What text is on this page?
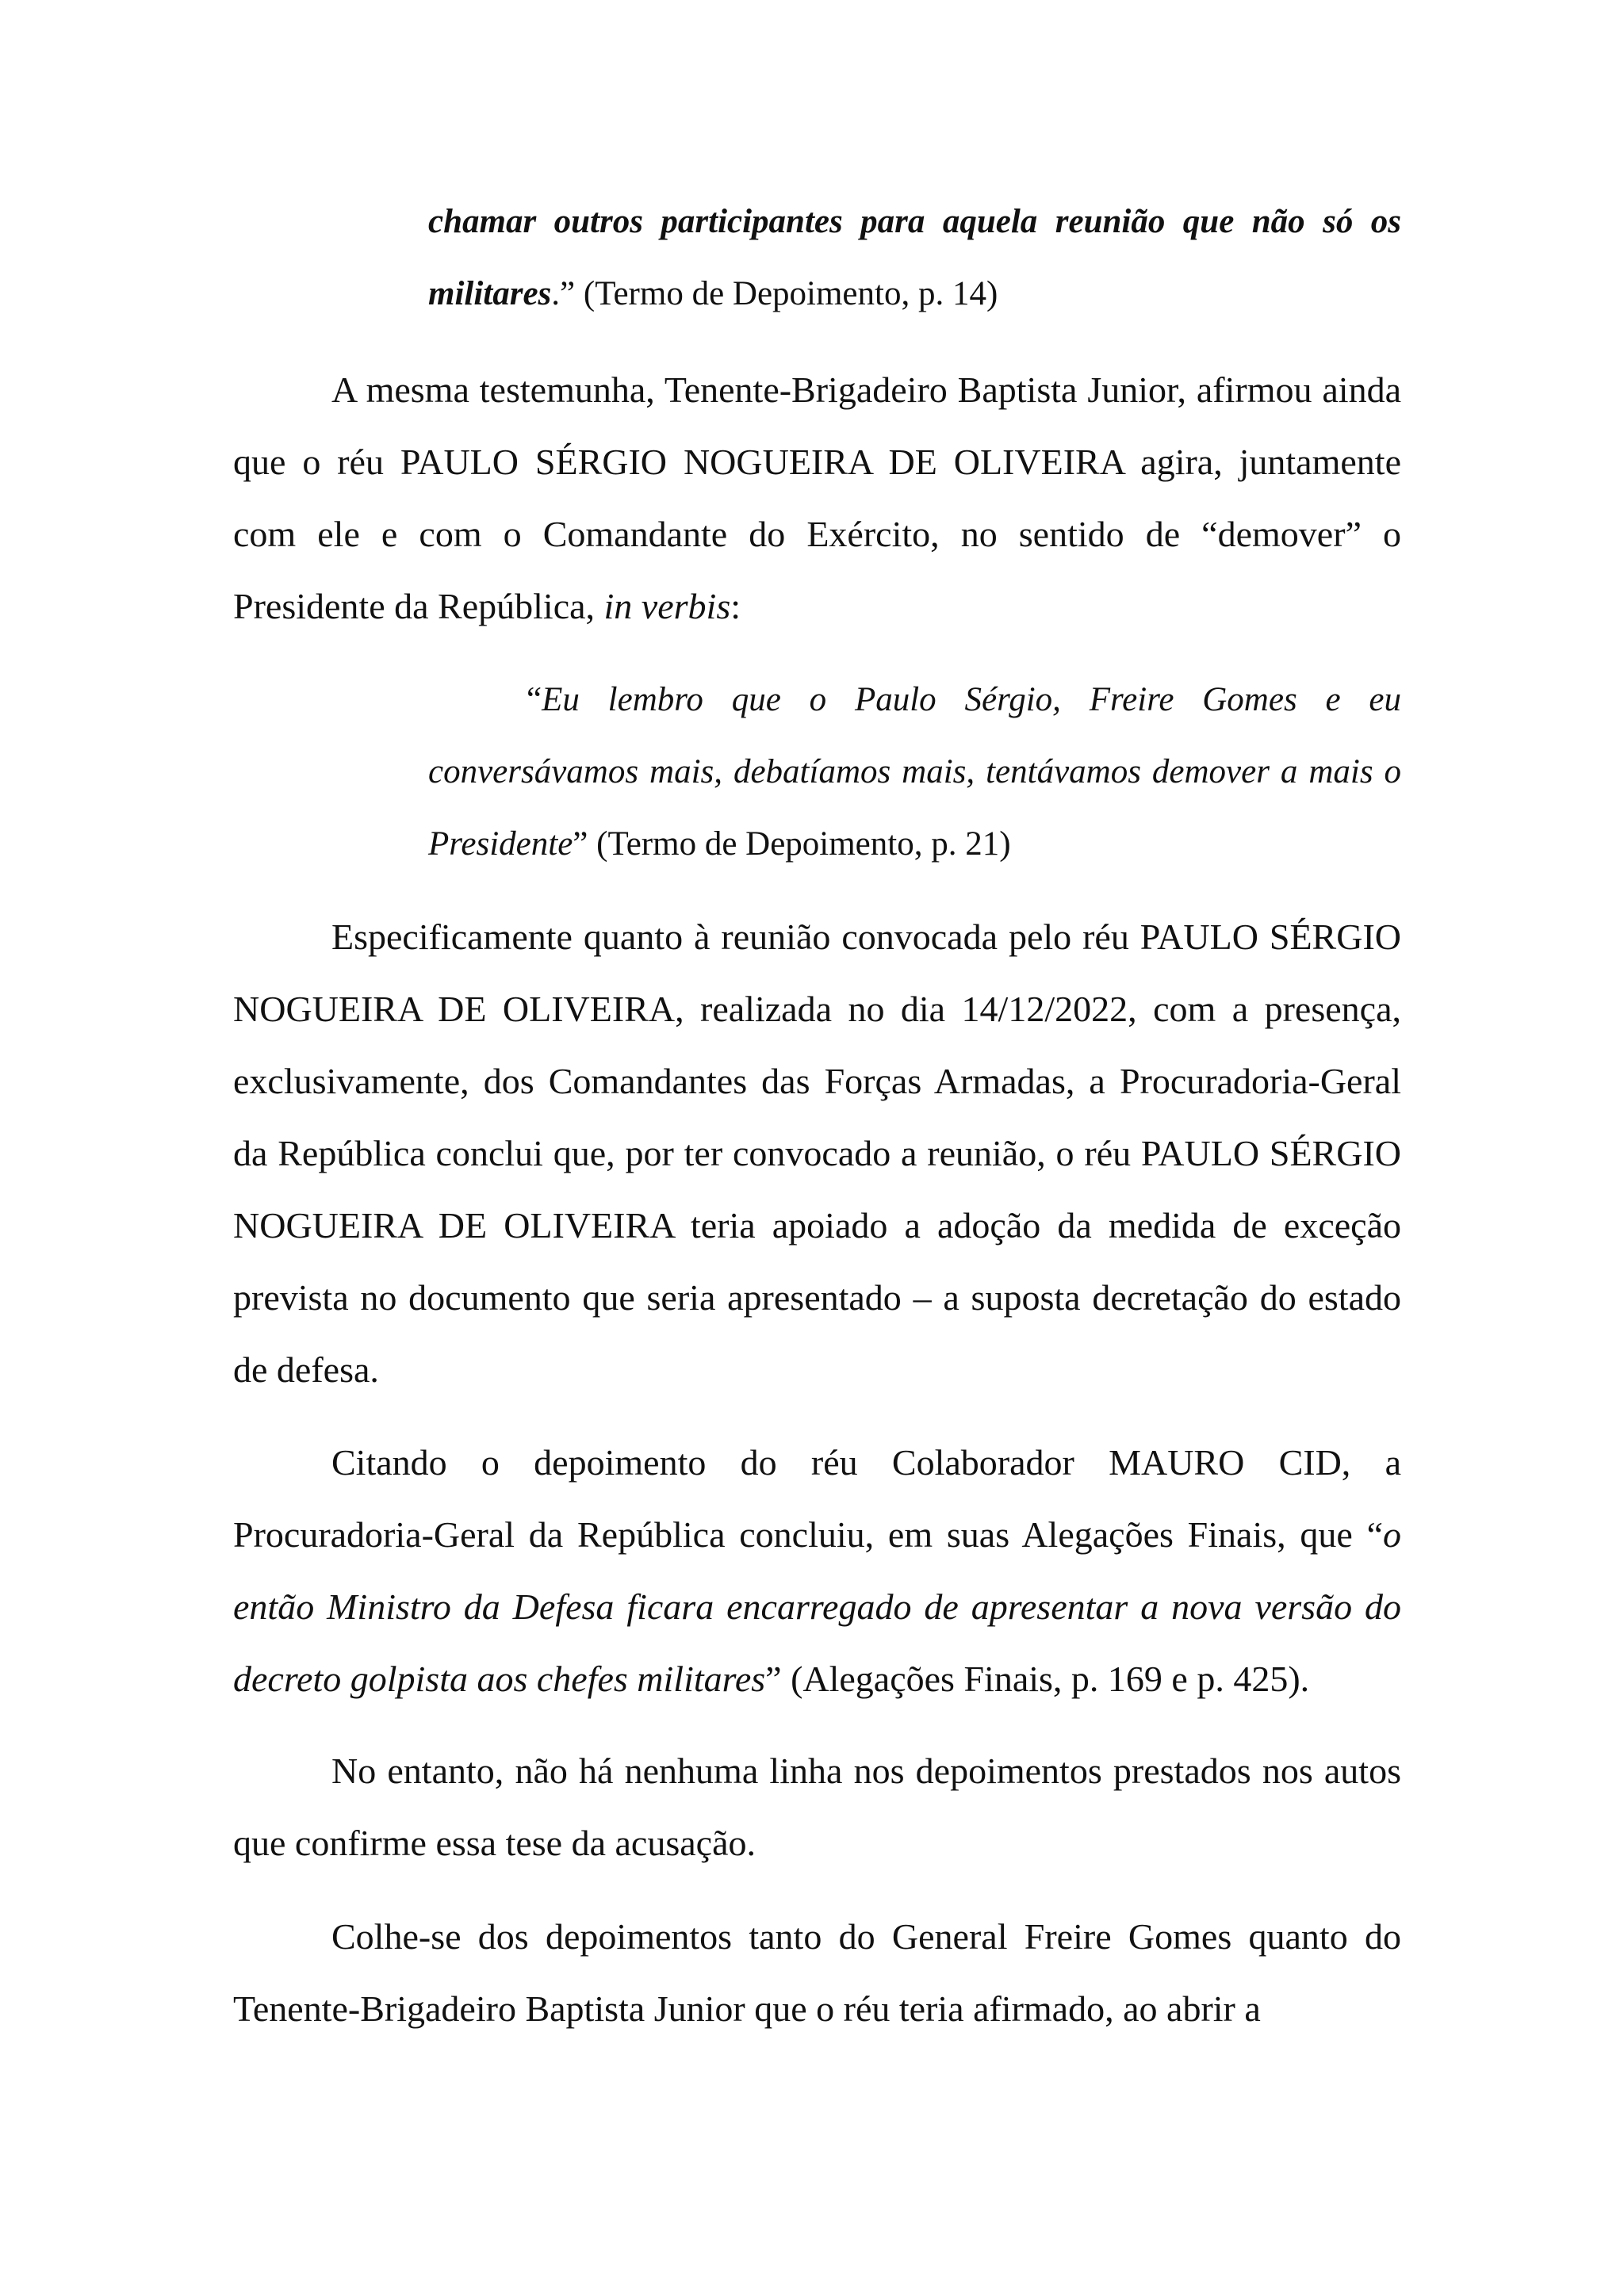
chamar outros participantes para aquela reunião que não só os militares.” (Termo de Depoimento, p. 14)
A mesma testemunha, Tenente-Brigadeiro Baptista Junior, afirmou ainda que o réu PAULO SÉRGIO NOGUEIRA DE OLIVEIRA agira, juntamente com ele e com o Comandante do Exército, no sentido de “demover” o Presidente da República, in verbis:
“Eu lembro que o Paulo Sérgio, Freire Gomes e eu conversávamos mais, debatíamos mais, tentávamos demover a mais o Presidente” (Termo de Depoimento, p. 21)
Especificamente quanto à reunião convocada pelo réu PAULO SÉRGIO NOGUEIRA DE OLIVEIRA, realizada no dia 14/12/2022, com a presença, exclusivamente, dos Comandantes das Forças Armadas, a Procuradoria-Geral da República conclui que, por ter convocado a reunião, o réu PAULO SÉRGIO NOGUEIRA DE OLIVEIRA teria apoiado a adoção da medida de exceção prevista no documento que seria apresentado – a suposta decretação do estado de defesa.
Citando o depoimento do réu Colaborador MAURO CID, a Procuradoria-Geral da República concluiu, em suas Alegações Finais, que “o então Ministro da Defesa ficara encarregado de apresentar a nova versão do decreto golpista aos chefes militares” (Alegações Finais, p. 169 e p. 425).
No entanto, não há nenhuma linha nos depoimentos prestados nos autos que confirme essa tese da acusação.
Colhe-se dos depoimentos tanto do General Freire Gomes quanto do Tenente-Brigadeiro Baptista Junior que o réu teria afirmado, ao abrir a
